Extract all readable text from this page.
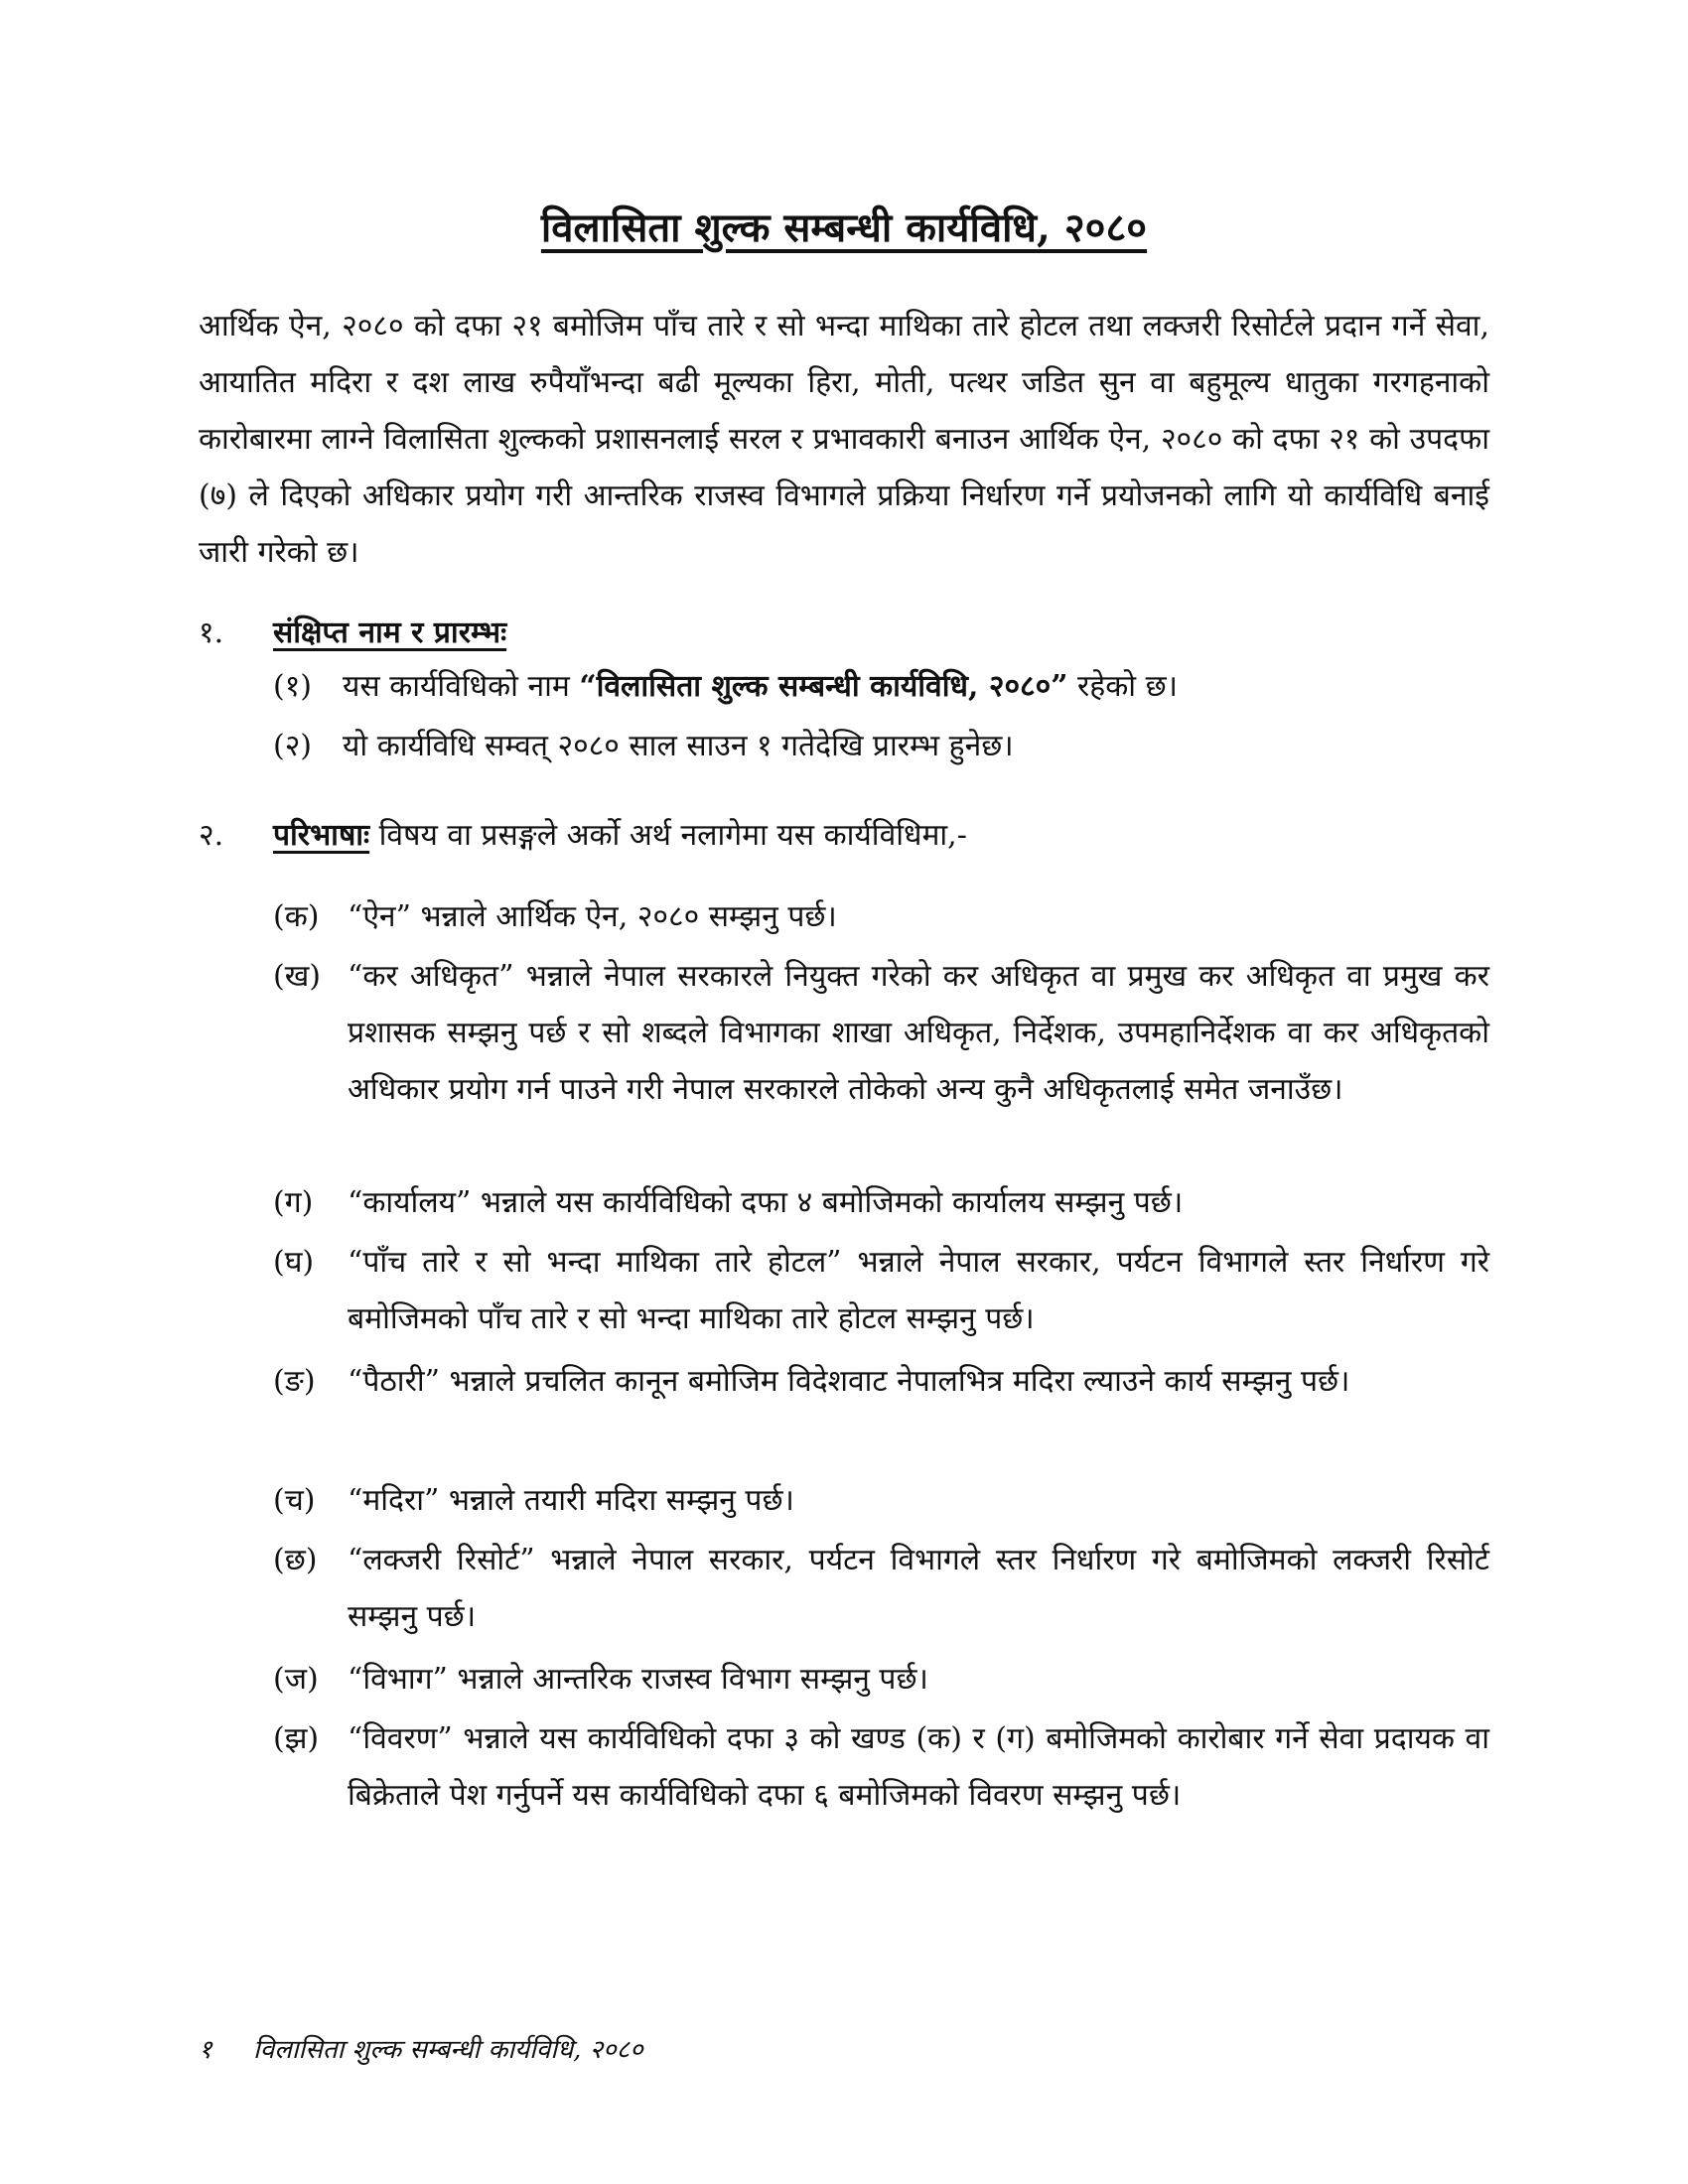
विलासिता शुल्क सम्बन्धी कार्यविधि, २०८०
आर्थिक ऐन, २०८० को दफा २१ बमोजिम पाँच तारे र सो भन्दा माथिका तारे होटल तथा लक्जरी रिसोर्टले प्रदान गर्ने सेवा, आयातित मदिरा र दश लाख रुपैयाँभन्दा बढी मूल्यका हिरा, मोती, पत्थर जडित सुन वा बहुमूल्य धातुका गरगहनाको कारोबारमा लाग्ने विलासिता शुल्कको प्रशासनलाई सरल र प्रभावकारी बनाउन आर्थिक ऐन, २०८० को दफा २१ को उपदफा (७) ले दिएको अधिकार प्रयोग गरी आन्तरिक राजस्व विभागले प्रक्रिया निर्धारण गर्ने प्रयोजनको लागि यो कार्यविधि बनाई जारी गरेको छ।
१. संक्षिप्त नाम र प्रारम्भः
(१) यस कार्यविधिको नाम “विलासिता शुल्क सम्बन्धी कार्यविधि, २०८०” रहेको छ।
(२) यो कार्यविधि सम्वत् २०८० साल साउन १ गतेदेखि प्रारम्भ हुनेछ।
२. परिभाषाः विषय वा प्रसङ्गले अर्को अर्थ नलागेमा यस कार्यविधिमा,-
(क) “ऐन” भन्नाले आर्थिक ऐन, २०८० सम्झनु पर्छ।
(ख) “कर अधिकृत” भन्नाले नेपाल सरकारले नियुक्त गरेको कर अधिकृत वा प्रमुख कर अधिकृत वा प्रमुख कर प्रशासक सम्झनु पर्छ र सो शब्दले विभागका शाखा अधिकृत, निर्देशक, उपमहानिर्देशक वा कर अधिकृतको अधिकार प्रयोग गर्न पाउने गरी नेपाल सरकारले तोकेको अन्य कुनै अधिकृतलाई समेत जनाउँछ।
(ग)	“कार्यालय” भन्नाले यस कार्यविधिको दफा ४ बमोजिमको कार्यालय सम्झनु पर्छ।
(घ)	“पाँच तारे र सो भन्दा माथिका तारे होटल” भन्नाले नेपाल सरकार, पर्यटन विभागले स्तर निर्धारण गरे बमोजिमको पाँच तारे र सो भन्दा माथिका तारे होटल सम्झनु पर्छ।
(ङ)	“पैठारी” भन्नाले प्रचलित कानून बमोजिम विदेशवाट नेपालभित्र मदिरा ल्याउने कार्य सम्झनु पर्छ।
(च)	“मदिरा” भन्नाले तयारी मदिरा सम्झनु पर्छ।
(छ)	“लक्जरी रिसोर्ट” भन्नाले नेपाल सरकार, पर्यटन विभागले स्तर निर्धारण गरे बमोजिमको लक्जरी रिसोर्ट सम्झनु पर्छ।
(ज) “विभाग” भन्नाले आन्तरिक राजस्व विभाग सम्झनु पर्छ।
(झ) “विवरण” भन्नाले यस कार्यविधिको दफा ३ को खण्ड (क) र (ग) बमोजिमको कारोबार गर्ने सेवा प्रदायक वा बिक्रेताले पेश गर्नुपर्ने यस कार्यविधिको दफा ६ बमोजिमको विवरण सम्झनु पर्छ।
१ विलासिता शुल्क सम्बन्धी कार्यविधि, २०८०
